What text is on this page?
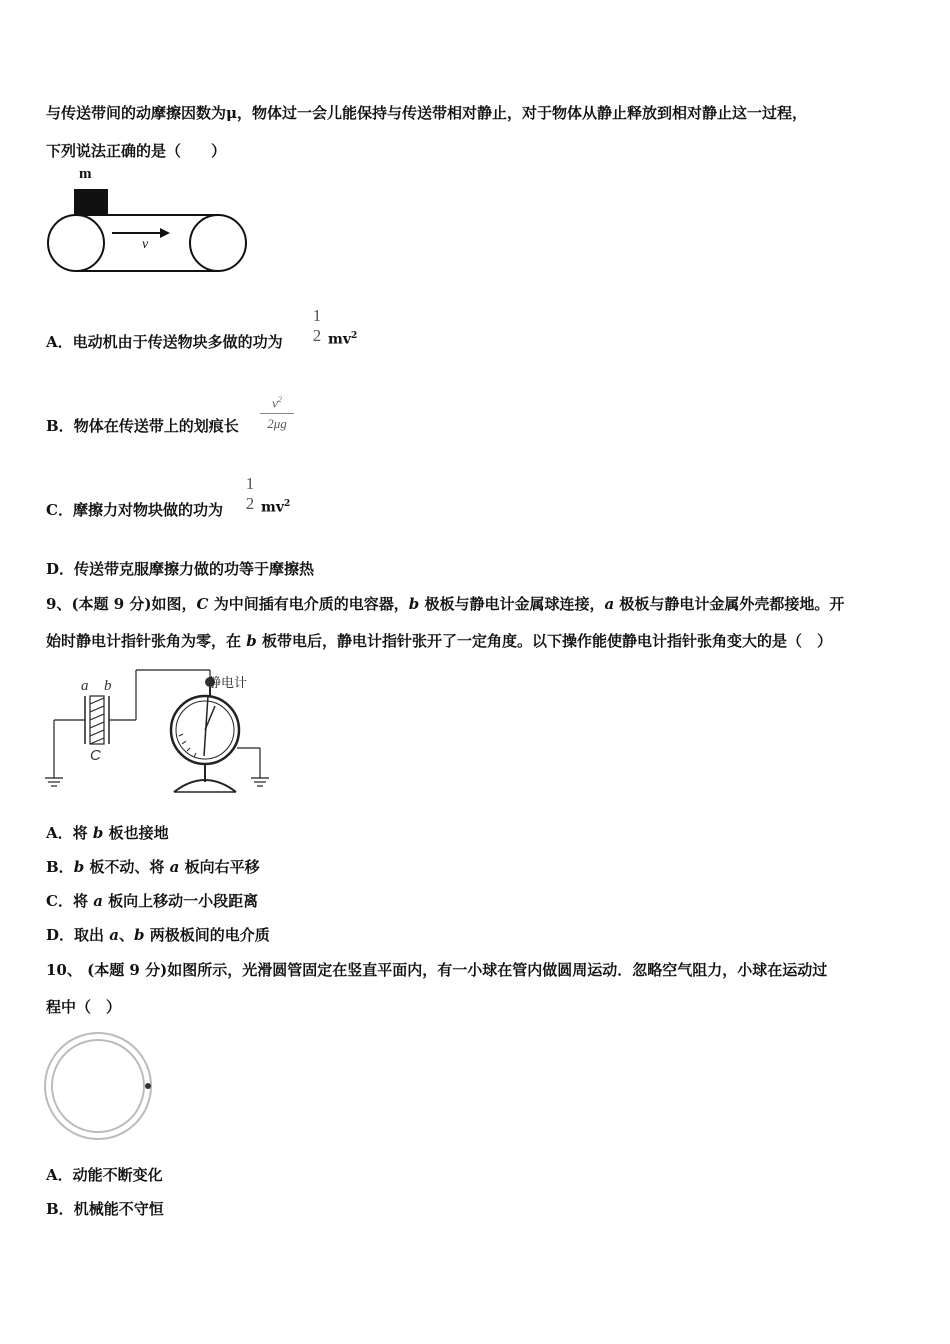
与传送带间的动摩擦因数为μ，物体过一会儿能保持与传送带相对静止，对于物体从静止释放到相对静止这一过程，
下列说法正确的是（　　）
m
v
A．电动机由于传送物块多做的功为
1
2 $mv^2$
B．物体在传送带上的划痕长
$v^2$
2μg
C．摩擦力对物块做的功为
1
2 $mv^2$
D．传送带克服摩擦力做的功等于摩擦热
9、(本题 9 分)如图，C 为中间插有电介质的电容器，b 极板与静电计金属球连接，a 极板与静电计金属外壳都接地。开
始时静电计指针张角为零，在 b 板带电后，静电计指针张开了一定角度。以下操作能使静电计指针张角变大的是（　）
a b
C
静电计
A．将 b 板也接地
B．b 板不动、将 a 板向右平移
C．将 a 板向上移动一小段距离
D．取出 a、b 两极板间的电介质
10、 (本题 9 分)如图所示，光滑圆管固定在竖直平面内，有一小球在管内做圆周运动．忽略空气阻力，小球在运动过
程中（　）
A．动能不断变化
B．机械能不守恒
